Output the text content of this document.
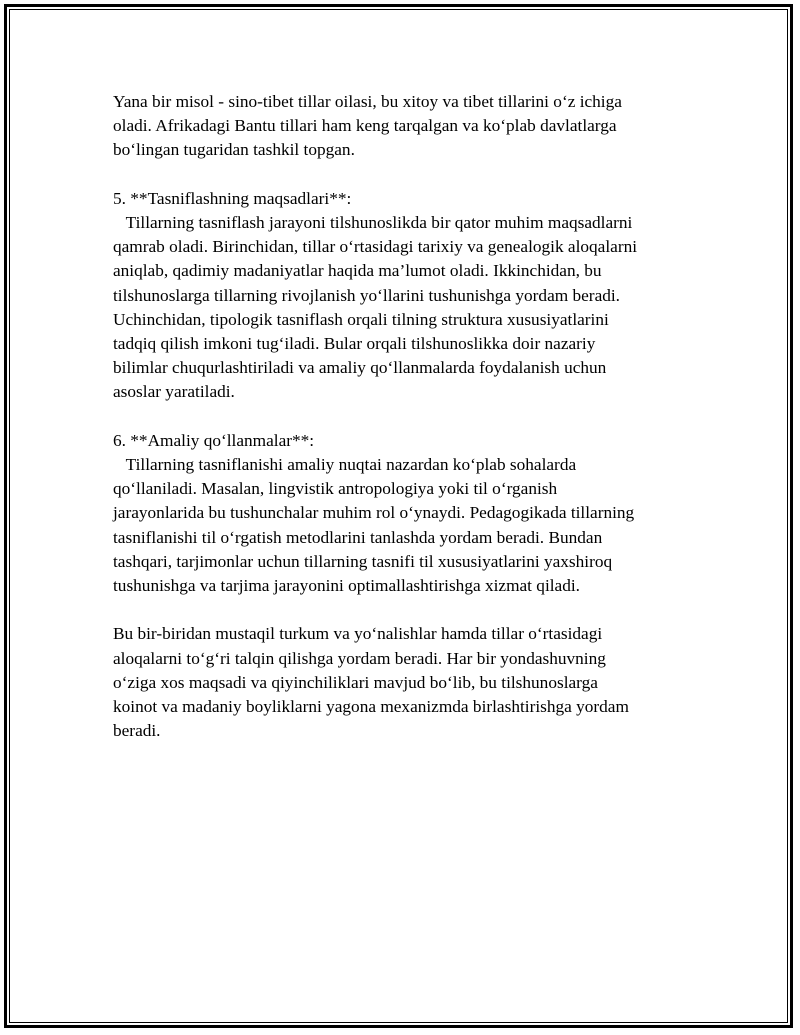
Yana bir misol - sino-tibet tillar oilasi, bu xitoy va tibet tillarini o‘z ichiga
oladi. Afrikadagi Bantu tillari ham keng tarqalgan va ko‘plab davlatlarga
bo‘lingan tugaridan tashkil topgan.

5. **Tasniflashning maqsadlari**:
Tillarning tasniflash jarayoni tilshunoslikda bir qator muhim maqsadlarni
qamrab oladi. Birinchidan, tillar o‘rtasidagi tarixiy va genealogik aloqalarni
aniqlab, qadimiy madaniyatlar haqida ma’lumot oladi. Ikkinchidan, bu
tilshunoslarga tillarning rivojlanish yo‘llarini tushunishga yordam beradi.
Uchinchidan, tipologik tasniflash orqali tilning struktura xususiyatlarini
tadqiq qilish imkoni tug‘iladi. Bular orqali tilshunoslikka doir nazariy
bilimlar chuqurlashtiriladi va amaliy qo‘llanmalarda foydalanish uchun
asoslar yaratiladi.

6. **Amaliy qo‘llanmalar**:
Tillarning tasniflanishi amaliy nuqtai nazardan ko‘plab sohalarda
qo‘llaniladi. Masalan, lingvistik antropologiya yoki til o‘rganish
jarayonlarida bu tushunchalar muhim rol o‘ynaydi. Pedagogikada tillarning
tasniflanishi til o‘rgatish metodlarini tanlashda yordam beradi. Bundan
tashqari, tarjimonlar uchun tillarning tasnifi til xususiyatlarini yaxshiroq
tushunishga va tarjima jarayonini optimallashtirishga xizmat qiladi.

Bu bir-biridan mustaqil turkum va yo‘nalishlar hamda tillar o‘rtasidagi
aloqalarni to‘g‘ri talqin qilishga yordam beradi. Har bir yondashuvning
o‘ziga xos maqsadi va qiyinchiliklari mavjud bo‘lib, bu tilshunoslarga
koinot va madaniy boyliklarni yagona mexanizmda birlashtirishga yordam
beradi.
